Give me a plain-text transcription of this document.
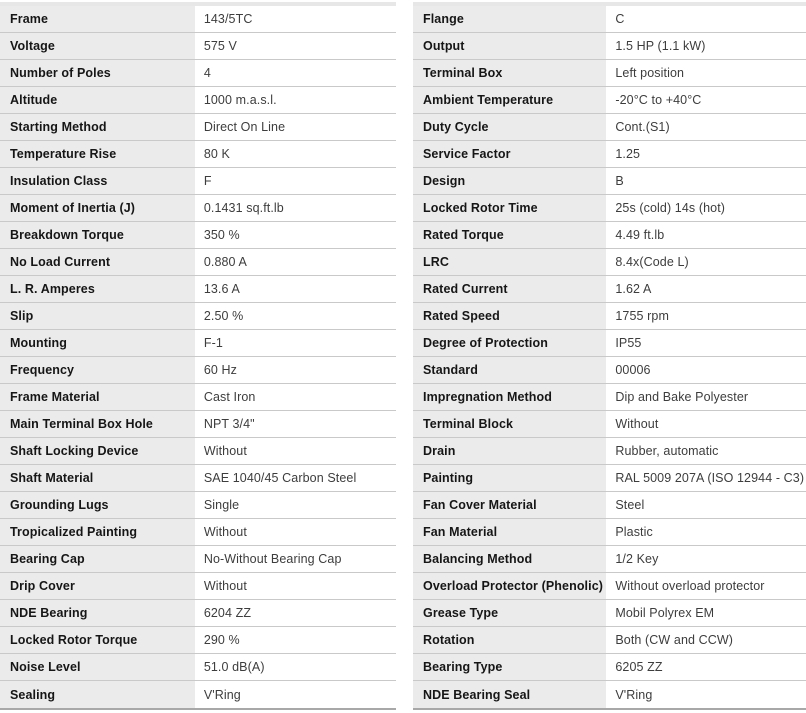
Frame	143/5TC
Voltage	575 V
Number of Poles	4
Altitude	1000 m.a.s.l.
Starting Method	Direct On Line
Temperature Rise	80 K
Insulation Class	F
Moment of Inertia (J)	0.1431 sq.ft.lb
Breakdown Torque	350 %
No Load Current	0.880 A
L. R. Amperes	13.6 A
Slip	2.50 %
Mounting	F-1
Frequency	60 Hz
Frame Material	Cast Iron
Main Terminal Box Hole	NPT 3/4"
Shaft Locking Device	Without
Shaft Material	SAE 1040/45 Carbon Steel
Grounding Lugs	Single
Tropicalized Painting	Without
Bearing Cap	No-Without Bearing Cap
Drip Cover	Without
NDE Bearing	6204 ZZ
Locked Rotor Torque	290 %
Noise Level	51.0 dB(A)
Sealing	V'Ring
Flange	C
Output	1.5 HP (1.1 kW)
Terminal Box	Left position
Ambient Temperature	-20°C to +40°C
Duty Cycle	Cont.(S1)
Service Factor	1.25
Design	B
Locked Rotor Time	25s (cold) 14s (hot)
Rated Torque	4.49 ft.lb
LRC	8.4x(Code L)
Rated Current	1.62 A
Rated Speed	1755 rpm
Degree of Protection	IP55
Standard	00006
Impregnation Method	Dip and Bake Polyester
Terminal Block	Without
Drain	Rubber, automatic
Painting	RAL 5009 207A (ISO 12944 - C3)
Fan Cover Material	Steel
Fan Material	Plastic
Balancing Method	1/2 Key
Overload Protector (Phenolic) Without overload protector
Grease Type	Mobil Polyrex EM
Rotation	Both (CW and CCW)
Bearing Type	6205 ZZ
NDE Bearing Seal	V'Ring
